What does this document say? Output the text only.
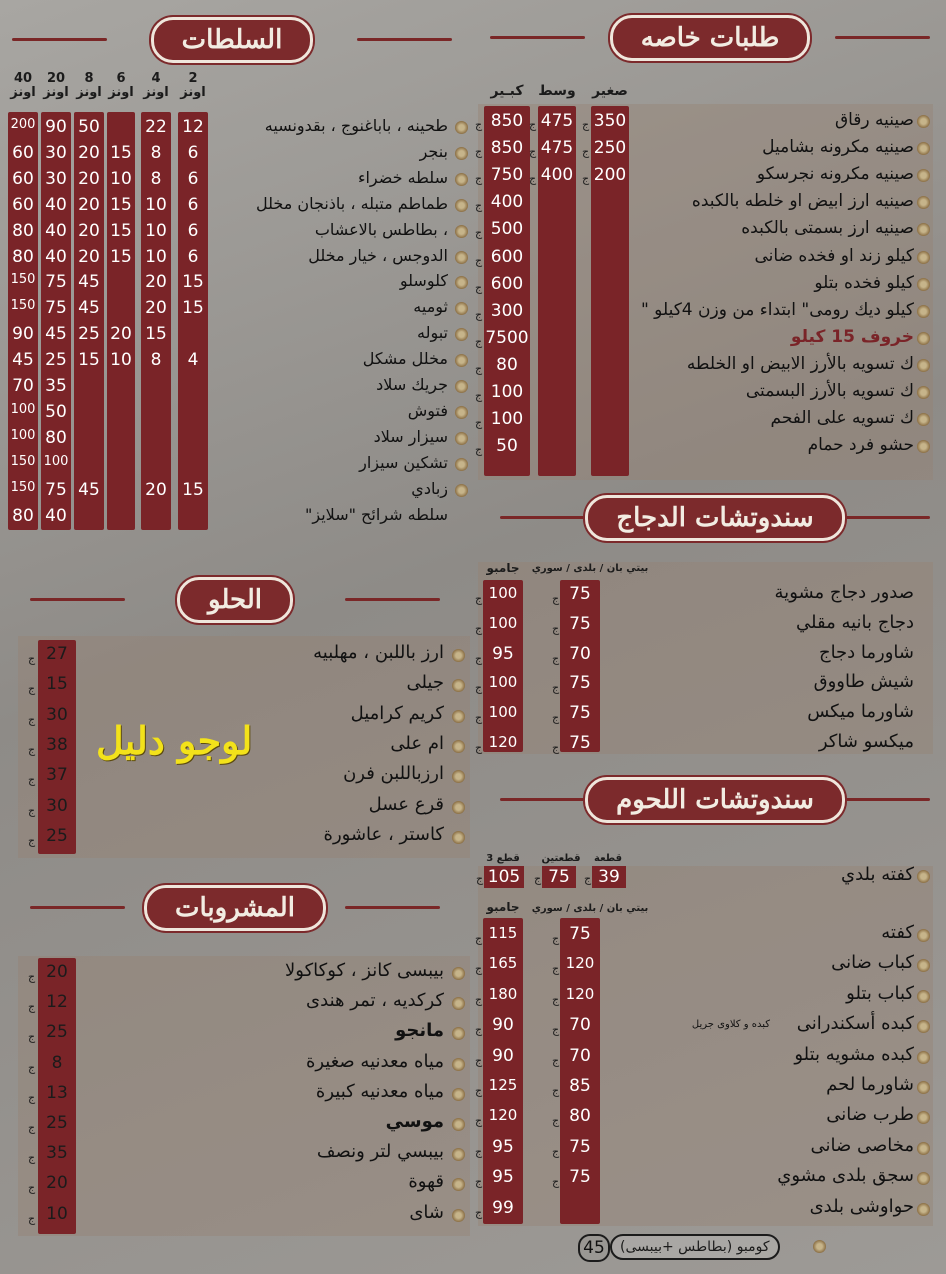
طلبات خاصه
السلطات
سندوتشات الدجاج
سندوتشات اللحوم
الحلو
المشروبات
صغير
وسط
كبـير
صينيه رقاق
350
ج
475
ج
850
ج
صينيه مكرونه بشاميل
250
ج
475
ج
850
ج
صينيه مكرونه نجرسكو
200
ج
400
ج
750
ج
صينيه ارز ابيض او خلطه بالكبده
400
ج
صينيه ارز بسمتى بالكبده
500
ج
كيلو زند او فخده ضانى
600
ج
كيلو فخده بتلو
600
ج
كيلو ديك رومى" ابتداء من وزن 4كيلو "
300
ج
خروف 15 كيلو
7500
ج
ك تسويه بالأرز الابيض او الخلطه
80
ج
ك تسويه بالأرز البسمتى
100
ج
ك تسويه على الفحم
100
ج
حشو فرد حمام
50
ج
2 اونز
4 اونز
6 اونز
8 اونز
20 اونز
40 اونز
طحينه ، باباغنوج ، بقدونسيه
12
22
50
90
200
بنجر
6
8
15
20
30
60
سلطه خضراء
6
8
10
20
30
60
طماطم متبله ، باذنجان مخلل
6
10
15
20
40
60
، بطاطس بالاعشاب
6
10
15
20
40
80
الدوجس ، خيار مخلل
6
10
15
20
40
80
كلوسلو
15
20
45
75
150
ثوميه
15
20
45
75
150
تبوله
15
20
25
45
90
مخلل مشكل
4
8
10
15
25
45
جريك سلاد
35
70
فتوش
50
100
سيزار سلاد
80
100
تشكين سيزار
100
150
زبادي
15
20
45
75
150
سلطه شرائح "سلايز"
40
80
بيتي بان / بلدى / سوري
جامبو
صدور دجاج مشوية
75
ج
100
ج
دجاج بانيه مقلي
75
ج
100
ج
شاورما دجاج
70
ج
95
ج
شيش طاووق
75
ج
100
ج
شاورما ميكس
75
ج
100
ج
ميكسو شاكر
75
ج
120
ج
قطعة
قطعتين
3 قطع
39
75
105	ج
ج
ج	كفته بلدي
بيتي بان / بلدى / سوري
جامبو
كفته
75
ج
115
ج
كباب ضانى
120
ج
165
ج
كباب بتلو
120
ج
180
ج
كبده أسكندرانى
كبده و كلاوى جريل
70
ج
90
ج
كبده مشويه بتلو
70
ج
90
ج
شاورما لحم
85
ج
125
ج
طرب ضانى
80
ج
120
ج
مخاصى ضانى
75
ج
95
ج
سجق بلدى مشوي
75
ج
95
ج
حواوشى بلدى
99
ج
كومبو (بطاطس +بيبسى)
45
ارز باللبن ، مهلبيه
27
ج
جيلى
15
ج
كريم كراميل
30
ج
ام على
38
ج
ارزباللبن فرن
37
ج
قرع عسل
30
ج
كاستر ، عاشورة
25
ج
لوجو دليل
بيبسى كانز ، كوكاكولا
20
ج
كركديه ، تمر هندى
12
ج
مانجو
25
ج
مياه معدنيه صغيرة
8
ج
مياه معدنيه كبيرة
13
ج
موسي
25
ج
بيبسي لتر ونصف
35
ج
قهوة
20
ج
شاى
10
ج
